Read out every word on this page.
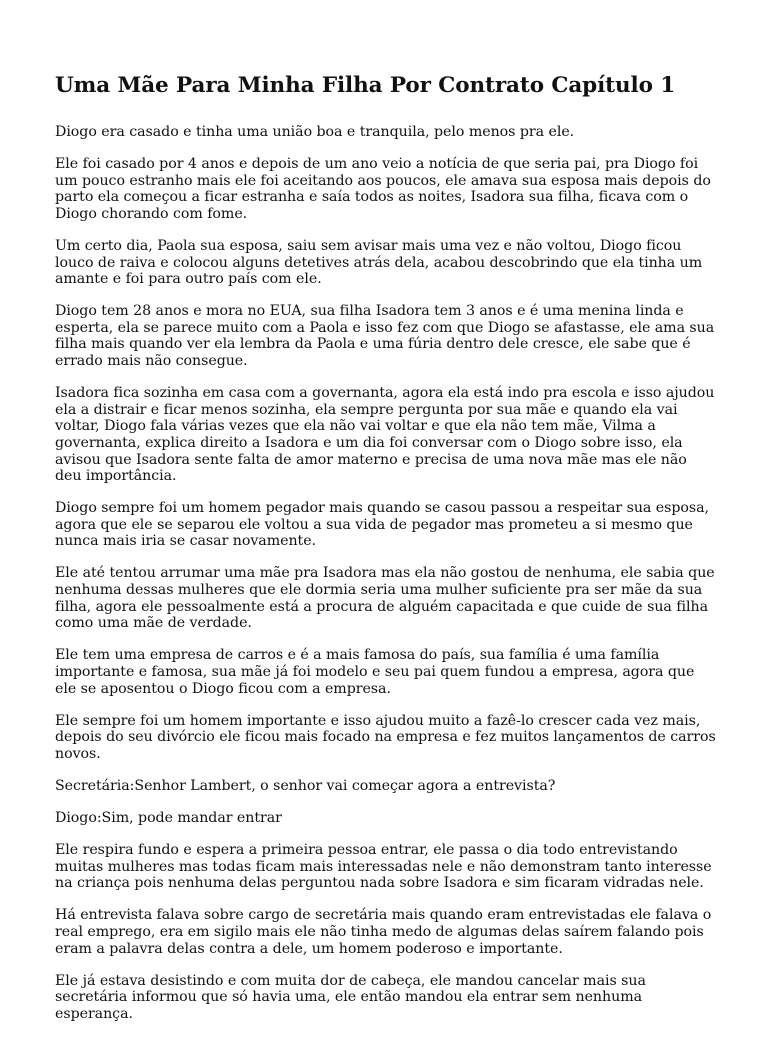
Uma Mãe Para Minha Filha Por Contrato Capítulo 1

Diogo era casado e tinha uma união boa e tranquila, pelo menos pra ele.

Ele foi casado por 4 anos e depois de um ano veio a notícia de que seria pai, pra Diogo foi um pouco estranho mais ele foi aceitando aos poucos, ele amava sua esposa mais depois do parto ela começou a ficar estranha e saía todos as noites, Isadora sua filha, ficava com o Diogo chorando com fome.

Um certo dia, Paola sua esposa, saiu sem avisar mais uma vez e não voltou, Diogo ficou louco de raiva e colocou alguns detetives atrás dela, acabou descobrindo que ela tinha um amante e foi para outro país com ele.

Diogo tem 28 anos e mora no EUA, sua filha Isadora tem 3 anos e é uma menina linda e esperta, ela se parece muito com a Paola e isso fez com que Diogo se afastasse, ele ama sua filha mais quando ver ela lembra da Paola e uma fúria dentro dele cresce, ele sabe que é errado mais não consegue.

Isadora fica sozinha em casa com a governanta, agora ela está indo pra escola e isso ajudou ela a distrair e ficar menos sozinha, ela sempre pergunta por sua mãe e quando ela vai voltar, Diogo fala várias vezes que ela não vai voltar e que ela não tem mãe, Vilma a governanta, explica direito a Isadora e um dia foi conversar com o Diogo sobre isso, ela avisou que Isadora sente falta de amor materno e precisa de uma nova mãe mas ele não deu importância.

Diogo sempre foi um homem pegador mais quando se casou passou a respeitar sua esposa, agora que ele se separou ele voltou a sua vida de pegador mas prometeu a si mesmo que nunca mais iria se casar novamente.

Ele até tentou arrumar uma mãe pra Isadora mas ela não gostou de nenhuma, ele sabia que nenhuma dessas mulheres que ele dormia seria uma mulher suficiente pra ser mãe da sua filha, agora ele pessoalmente está a procura de alguém capacitada e que cuide de sua filha como uma mãe de verdade.

Ele tem uma empresa de carros e é a mais famosa do país, sua família é uma família importante e famosa, sua mãe já foi modelo e seu pai quem fundou a empresa, agora que ele se aposentou o Diogo ficou com a empresa.

Ele sempre foi um homem importante e isso ajudou muito a fazê-lo crescer cada vez mais, depois do seu divórcio ele ficou mais focado na empresa e fez muitos lançamentos de carros novos.

Secretária:Senhor Lambert, o senhor vai começar agora a entrevista?

Diogo:Sim, pode mandar entrar

Ele respira fundo e espera a primeira pessoa entrar, ele passa o dia todo entrevistando muitas mulheres mas todas ficam mais interessadas nele e não demonstram tanto interesse na criança pois nenhuma delas perguntou nada sobre Isadora e sim ficaram vidradas nele.

Há entrevista falava sobre cargo de secretária mais quando eram entrevistadas ele falava o real emprego, era em sigilo mais ele não tinha medo de algumas delas saírem falando pois eram a palavra delas contra a dele, um homem poderoso e importante.

Ele já estava desistindo e com muita dor de cabeça, ele mandou cancelar mais sua secretária informou que só havia uma, ele então mandou ela entrar sem nenhuma esperança.
